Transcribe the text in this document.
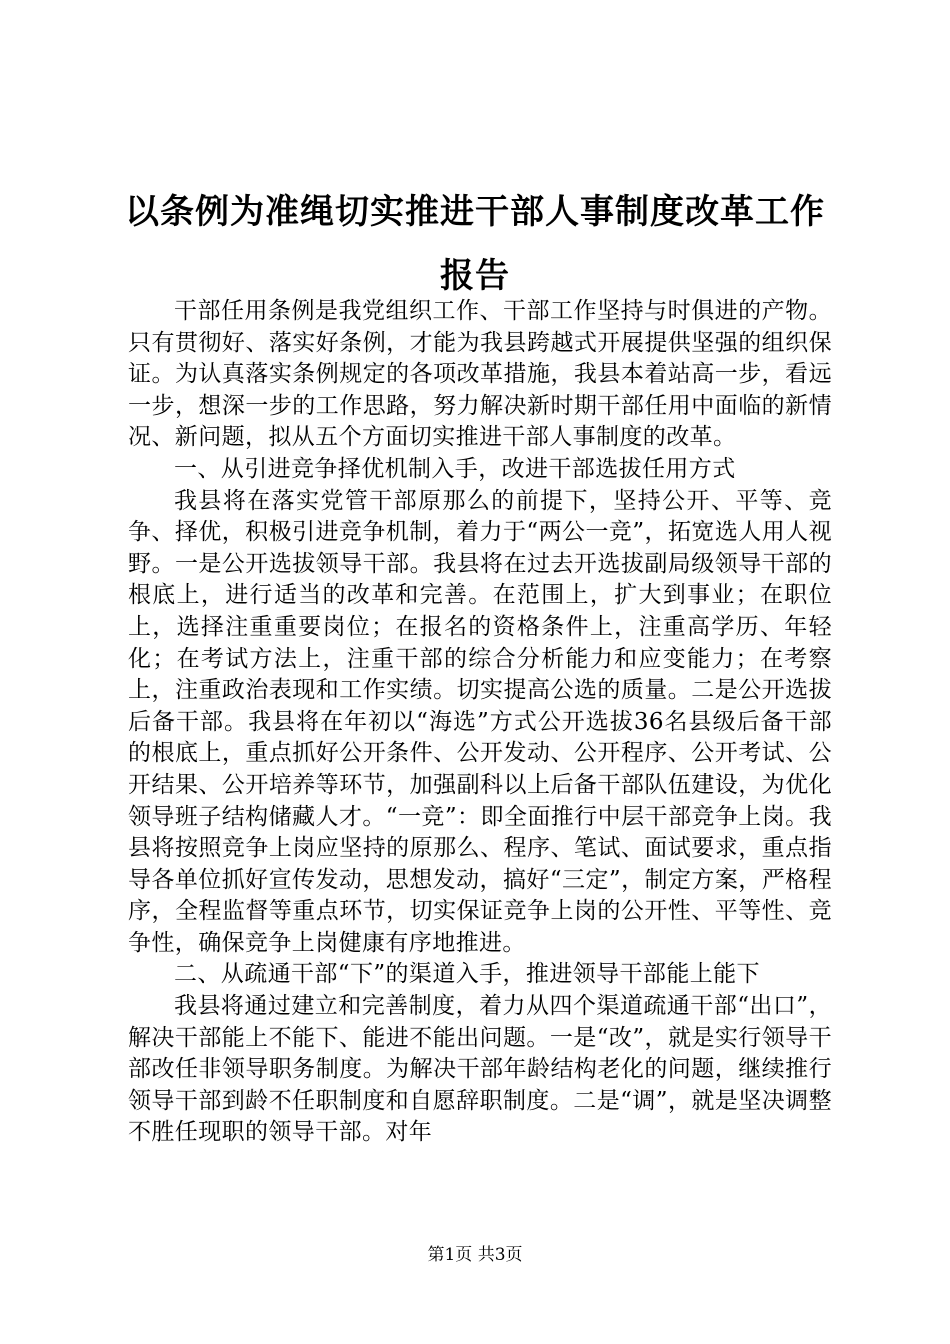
以条例为准绳切实推进干部人事制度改革工作报告

干部任用条例是我党组织工作、干部工作坚持与时俱进的产物。只有贯彻好、落实好条例，才能为我县跨越式开展提供坚强的组织保证。为认真落实条例规定的各项改革措施，我县本着站高一步，看远一步，想深一步的工作思路，努力解决新时期干部任用中面临的新情况、新问题，拟从五个方面切实推进干部人事制度的改革。

一、从引进竞争择优机制入手，改进干部选拔任用方式

我县将在落实党管干部原那么的前提下，坚持公开、平等、竞争、择优，积极引进竞争机制，着力于“两公一竞”，拓宽选人用人视野。一是公开选拔领导干部。我县将在过去开选拔副局级领导干部的根底上，进行适当的改革和完善。在范围上，扩大到事业；在职位上，选择注重重要岗位；在报名的资格条件上，注重高学历、年轻化；在考试方法上，注重干部的综合分析能力和应变能力；在考察上，注重政治表现和工作实绩。切实提高公选的质量。二是公开选拔后备干部。我县将在年初以“海选”方式公开选拔36名县级后备干部的根底上，重点抓好公开条件、公开发动、公开程序、公开考试、公开结果、公开培养等环节，加强副科以上后备干部队伍建设，为优化领导班子结构储藏人才。“一竞”：即全面推行中层干部竞争上岗。我县将按照竞争上岗应坚持的原那么、程序、笔试、面试要求，重点指导各单位抓好宣传发动，思想发动，搞好“三定”，制定方案，严格程序，全程监督等重点环节，切实保证竞争上岗的公开性、平等性、竞争性，确保竞争上岗健康有序地推进。

二、从疏通干部“下”的渠道入手，推进领导干部能上能下

我县将通过建立和完善制度，着力从四个渠道疏通干部“出口”，解决干部能上不能下、能进不能出问题。一是“改”，就是实行领导干部改任非领导职务制度。为解决干部年龄结构老化的问题，继续推行领导干部到龄不任职制度和自愿辞职制度。二是“调”，就是坚决调整不胜任现职的领导干部。对年

第1页 共3页
